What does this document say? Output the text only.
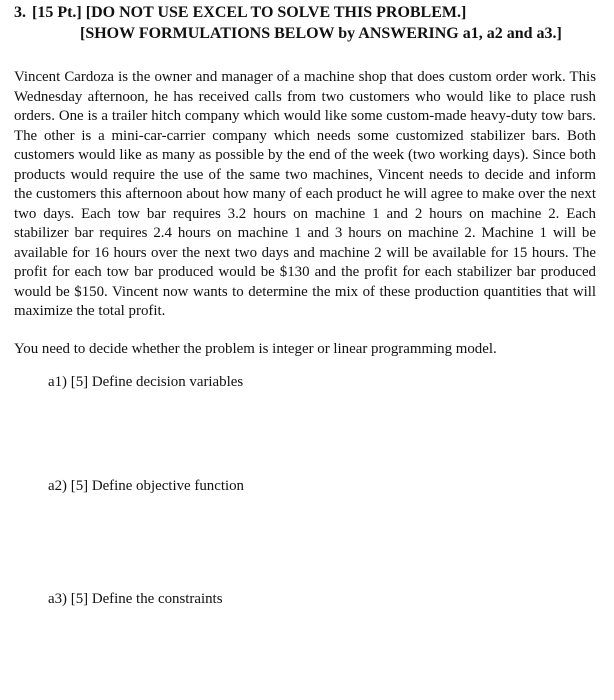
3. [15 Pt.] [DO NOT USE EXCEL TO SOLVE THIS PROBLEM.]
[SHOW FORMULATIONS BELOW by ANSWERING a1, a2 and a3.]

Vincent Cardoza is the owner and manager of a machine shop that does custom order work. This Wednesday afternoon, he has received calls from two customers who would like to place rush orders. One is a trailer hitch company which would like some custom-made heavy-duty tow bars. The other is a mini-car-carrier company which needs some customized stabilizer bars. Both customers would like as many as possible by the end of the week (two working days). Since both products would require the use of the same two machines, Vincent needs to decide and inform the customers this afternoon about how many of each product he will agree to make over the next two days. Each tow bar requires 3.2 hours on machine 1 and 2 hours on machine 2. Each stabilizer bar requires 2.4 hours on machine 1 and 3 hours on machine 2. Machine 1 will be available for 16 hours over the next two days and machine 2 will be available for 15 hours. The profit for each tow bar produced would be $130 and the profit for each stabilizer bar produced would be $150. Vincent now wants to determine the mix of these production quantities that will maximize the total profit.

You need to decide whether the problem is integer or linear programming model.

a1) [5] Define decision variables

a2) [5] Define objective function

a3) [5] Define the constraints
